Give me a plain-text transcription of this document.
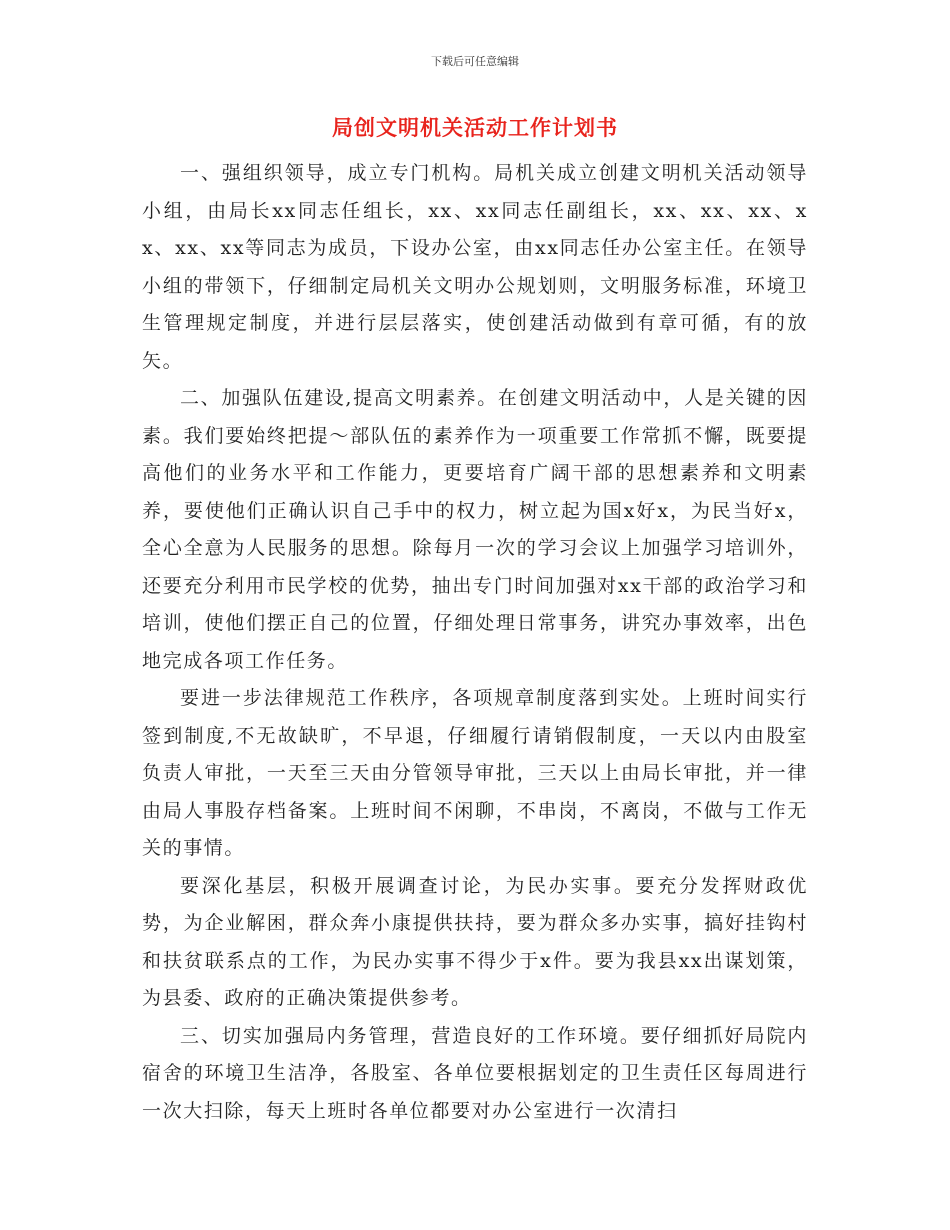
下载后可任意编辑
局创文明机关活动工作计划书

一、强组织领导，成立专门机构。局机关成立创建文明机关活动领导小组，由局长xx同志任组长，xx、xx同志任副组长，xx、xx、xx、xx、xx、xx等同志为成员，下设办公室，由xx同志任办公室主任。在领导小组的带领下，仔细制定局机关文明办公规划则，文明服务标准，环境卫生管理规定制度，并进行层层落实，使创建活动做到有章可循，有的放矢。

二、加强队伍建设,提高文明素养。在创建文明活动中，人是关键的因素。我们要始终把提～部队伍的素养作为一项重要工作常抓不懈，既要提高他们的业务水平和工作能力，更要培育广阔干部的思想素养和文明素养，要使他们正确认识自己手中的权力，树立起为国x好x，为民当好x，全心全意为人民服务的思想。除每月一次的学习会议上加强学习培训外，还要充分利用市民学校的优势，抽出专门时间加强对xx干部的政治学习和培训，使他们摆正自己的位置，仔细处理日常事务，讲究办事效率，出色地完成各项工作任务。

要进一步法律规范工作秩序，各项规章制度落到实处。上班时间实行签到制度,不无故缺旷，不早退，仔细履行请销假制度，一天以内由股室负责人审批，一天至三天由分管领导审批，三天以上由局长审批，并一律由局人事股存档备案。上班时间不闲聊，不串岗，不离岗，不做与工作无关的事情。

要深化基层，积极开展调查讨论，为民办实事。要充分发挥财政优势，为企业解困，群众奔小康提供扶持，要为群众多办实事，搞好挂钩村和扶贫联系点的工作，为民办实事不得少于x件。要为我县xx出谋划策，为县委、政府的正确决策提供参考。

三、切实加强局内务管理，营造良好的工作环境。要仔细抓好局院内宿舍的环境卫生洁净，各股室、各单位要根据划定的卫生责任区每周进行一次大扫除，每天上班时各单位都要对办公室进行一次清扫
